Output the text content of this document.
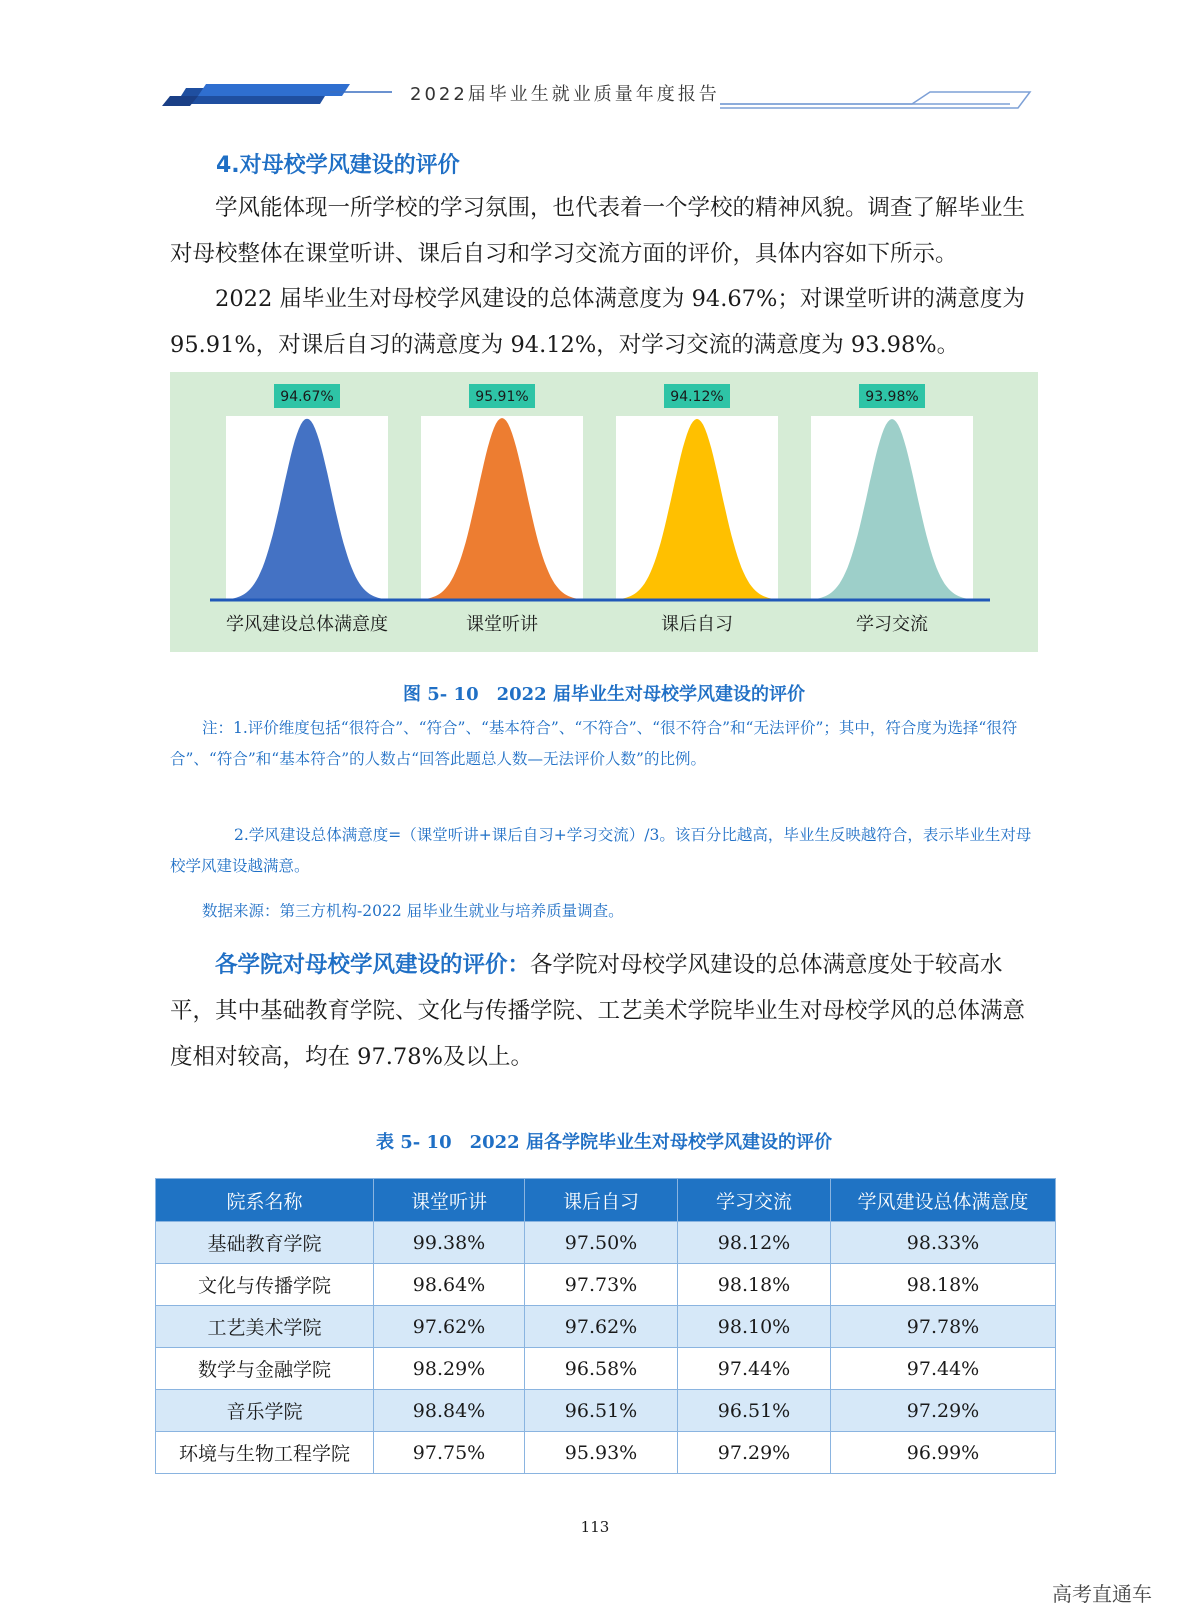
2022届毕业生就业质量年度报告
4.对母校学风建设的评价
学风能体现一所学校的学习氛围，也代表着一个学校的精神风貌。调查了解毕业生对母校整体在课堂听讲、课后自习和学习交流方面的评价，具体内容如下所示。
2022 届毕业生对母校学风建设的总体满意度为 94.67%；对课堂听讲的满意度为 95.91%，对课后自习的满意度为 94.12%，对学习交流的满意度为 93.98%。
94.67%
学风建设总体满意度
95.91%
课堂听讲
94.12%
课后自习
93.98%
学习交流
图 5- 10　2022 届毕业生对母校学风建设的评价
注：1.评价维度包括“很符合”、“符合”、“基本符合”、“不符合”、“很不符合”和“无法评价”；其中，符合度为选择“很符合”、“符合”和“基本符合”的人数占“回答此题总人数—无法评价人数”的比例。
2.学风建设总体满意度=（课堂听讲+课后自习+学习交流）/3。该百分比越高，毕业生反映越符合，表示毕业生对母校学风建设越满意。
数据来源：第三方机构-2022 届毕业生就业与培养质量调查。
各学院对母校学风建设的评价：各学院对母校学风建设的总体满意度处于较高水平，其中基础教育学院、文化与传播学院、工艺美术学院毕业生对母校学风的总体满意度相对较高，均在 97.78%及以上。
表 5- 10　2022 届各学院毕业生对母校学风建设的评价
院系名称	课堂听讲	课后自习	学习交流	学风建设总体满意度
基础教育学院	99.38%	97.50%	98.12%	98.33%
文化与传播学院	98.64%	97.73%	98.18%	98.18%
工艺美术学院	97.62%	97.62%	98.10%	97.78%
数学与金融学院	98.29%	96.58%	97.44%	97.44%
音乐学院	98.84%	96.51%	96.51%	97.29%
环境与生物工程学院	97.75%	95.93%	97.29%	96.99%
113
高考直通车
